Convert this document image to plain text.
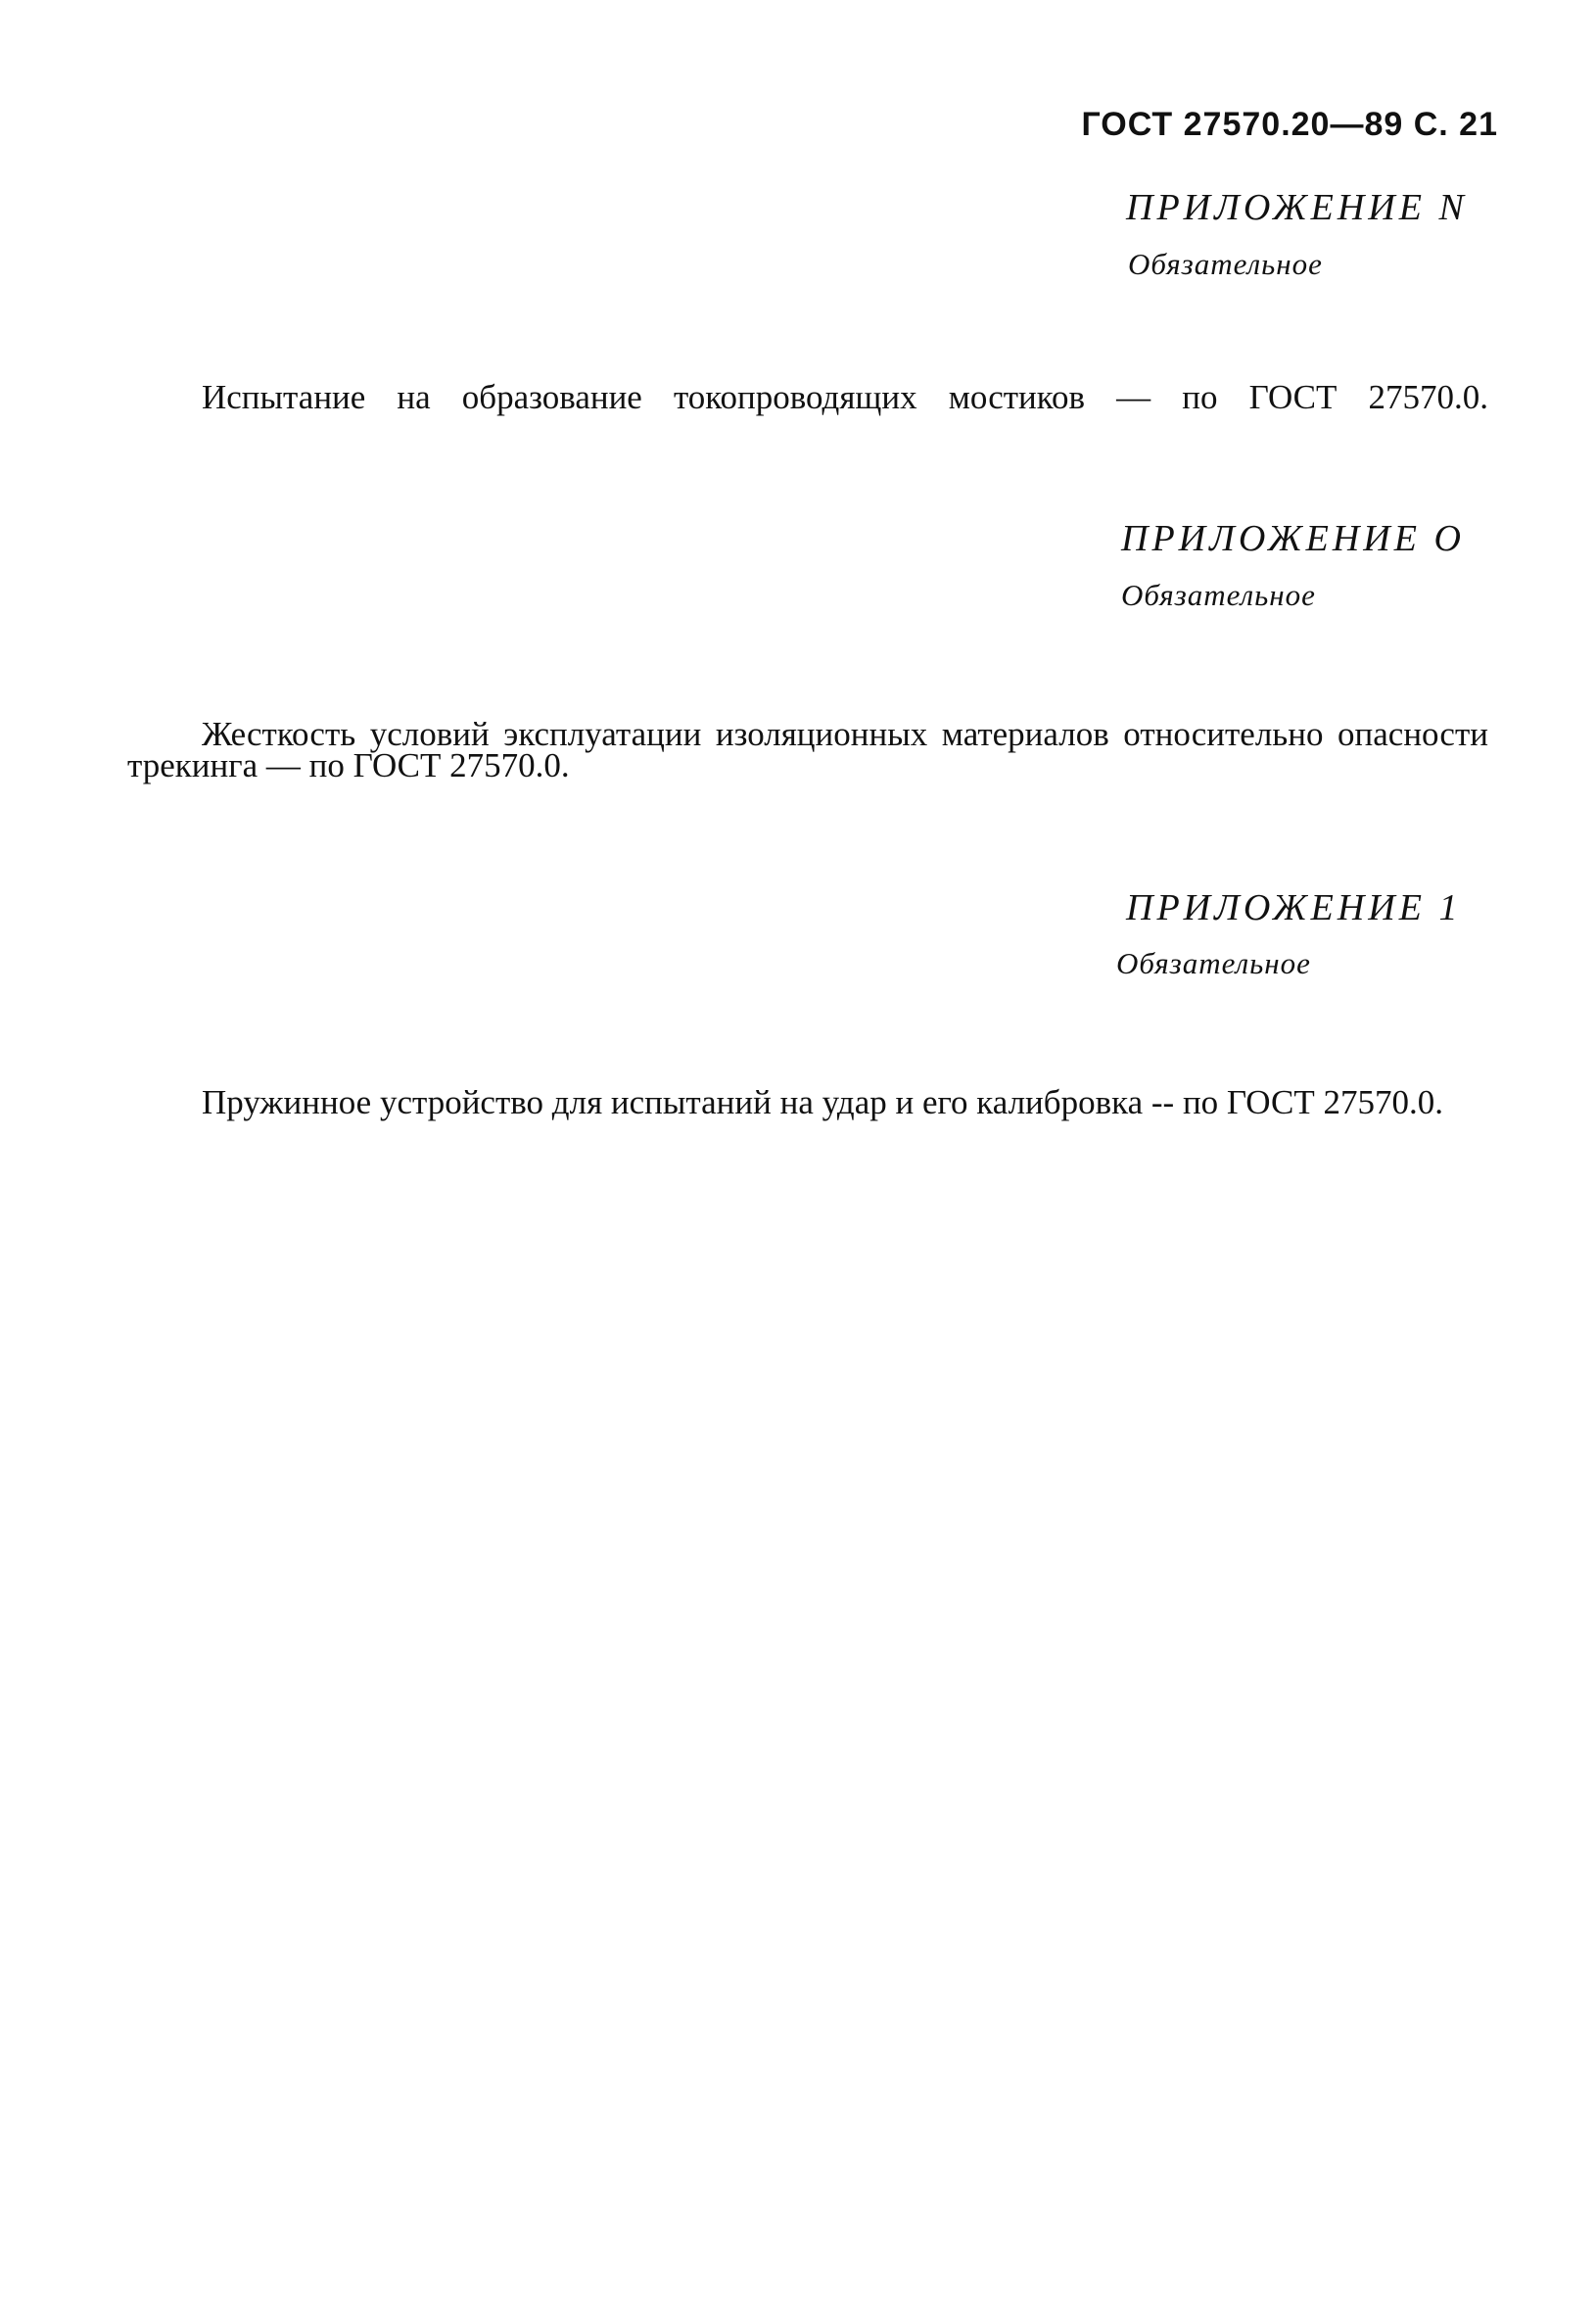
ГОСТ 27570.20—89 С. 21
ПРИЛОЖЕНИЕ N
Обязательное
Испытание на образование токопроводящих мостиков — по ГОСТ 27570.0.
ПРИЛОЖЕНИЕ O
Обязательное
Жесткость условий эксплуатации изоляционных материалов относительно опасности трекинга — по ГОСТ 27570.0.
ПРИЛОЖЕНИЕ 1
Обязательное
Пружинное устройство для испытаний на удар и его калибровка -- по ГОСТ 27570.0.
